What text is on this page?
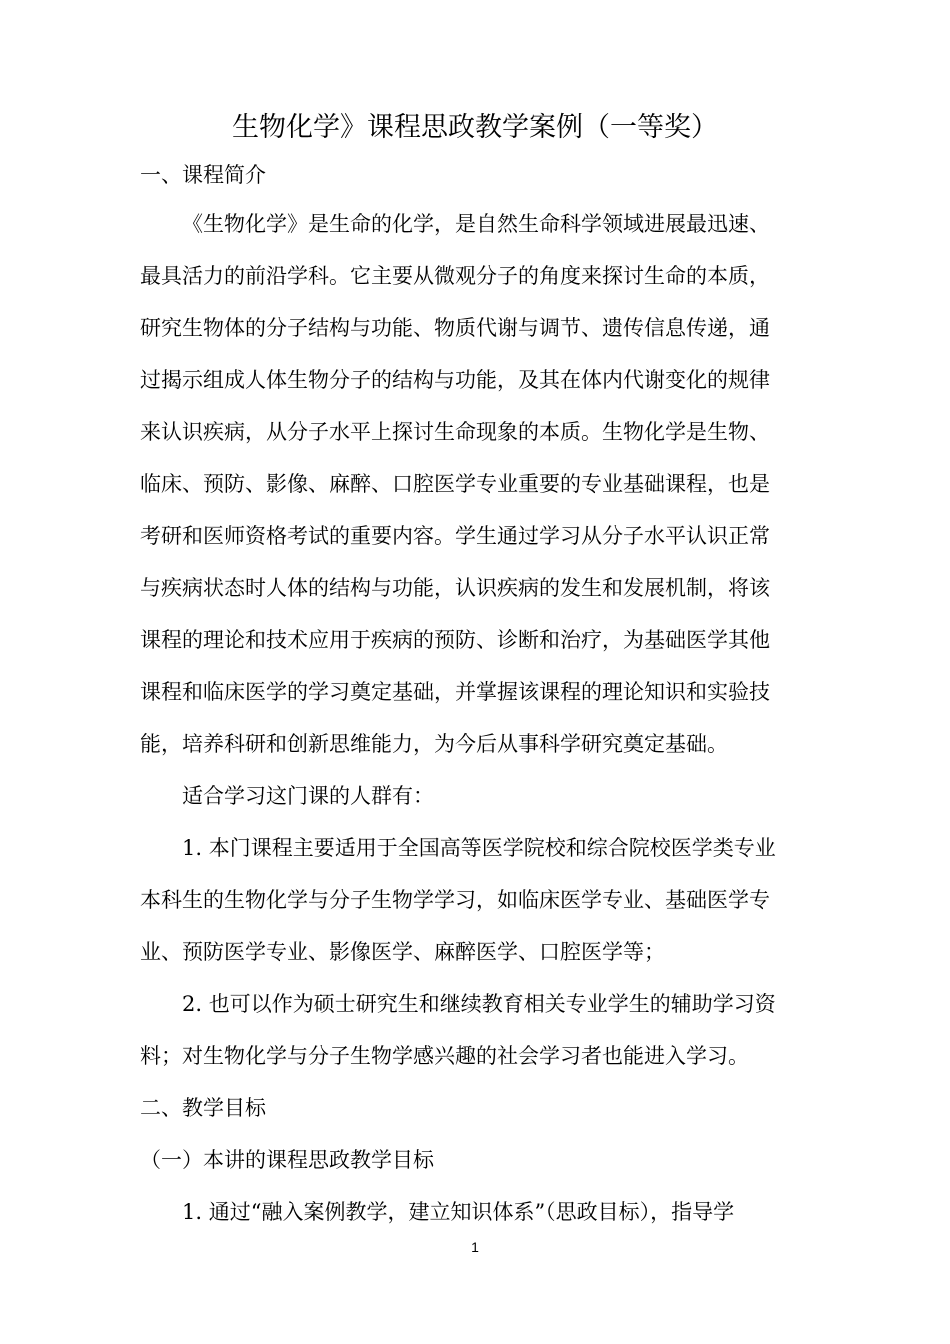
生物化学》课程思政教学案例（一等奖）

一、课程简介

《生物化学》是生命的化学，是自然生命科学领域进展最迅速、

最具活力的前沿学科。它主要从微观分子的角度来探讨生命的本质，

研究生物体的分子结构与功能、物质代谢与调节、遗传信息传递，通

过揭示组成人体生物分子的结构与功能，及其在体内代谢变化的规律

来认识疾病，从分子水平上探讨生命现象的本质。生物化学是生物、

临床、预防、影像、麻醉、口腔医学专业重要的专业基础课程，也是

考研和医师资格考试的重要内容。学生通过学习从分子水平认识正常

与疾病状态时人体的结构与功能，认识疾病的发生和发展机制，将该

课程的理论和技术应用于疾病的预防、诊断和治疗，为基础医学其他

课程和临床医学的学习奠定基础，并掌握该课程的理论知识和实验技

能，培养科研和创新思维能力，为今后从事科学研究奠定基础。

适合学习这门课的人群有：

1. 本门课程主要适用于全国高等医学院校和综合院校医学类专业

本科生的生物化学与分子生物学学习，如临床医学专业、基础医学专

业、预防医学专业、影像医学、麻醉医学、口腔医学等；

2. 也可以作为硕士研究生和继续教育相关专业学生的辅助学习资

料；对生物化学与分子生物学感兴趣的社会学习者也能进入学习。

二、教学目标

（一）本讲的课程思政教学目标

1. 通过“融入案例教学，建立知识体系”（思政目标），指导学

1
